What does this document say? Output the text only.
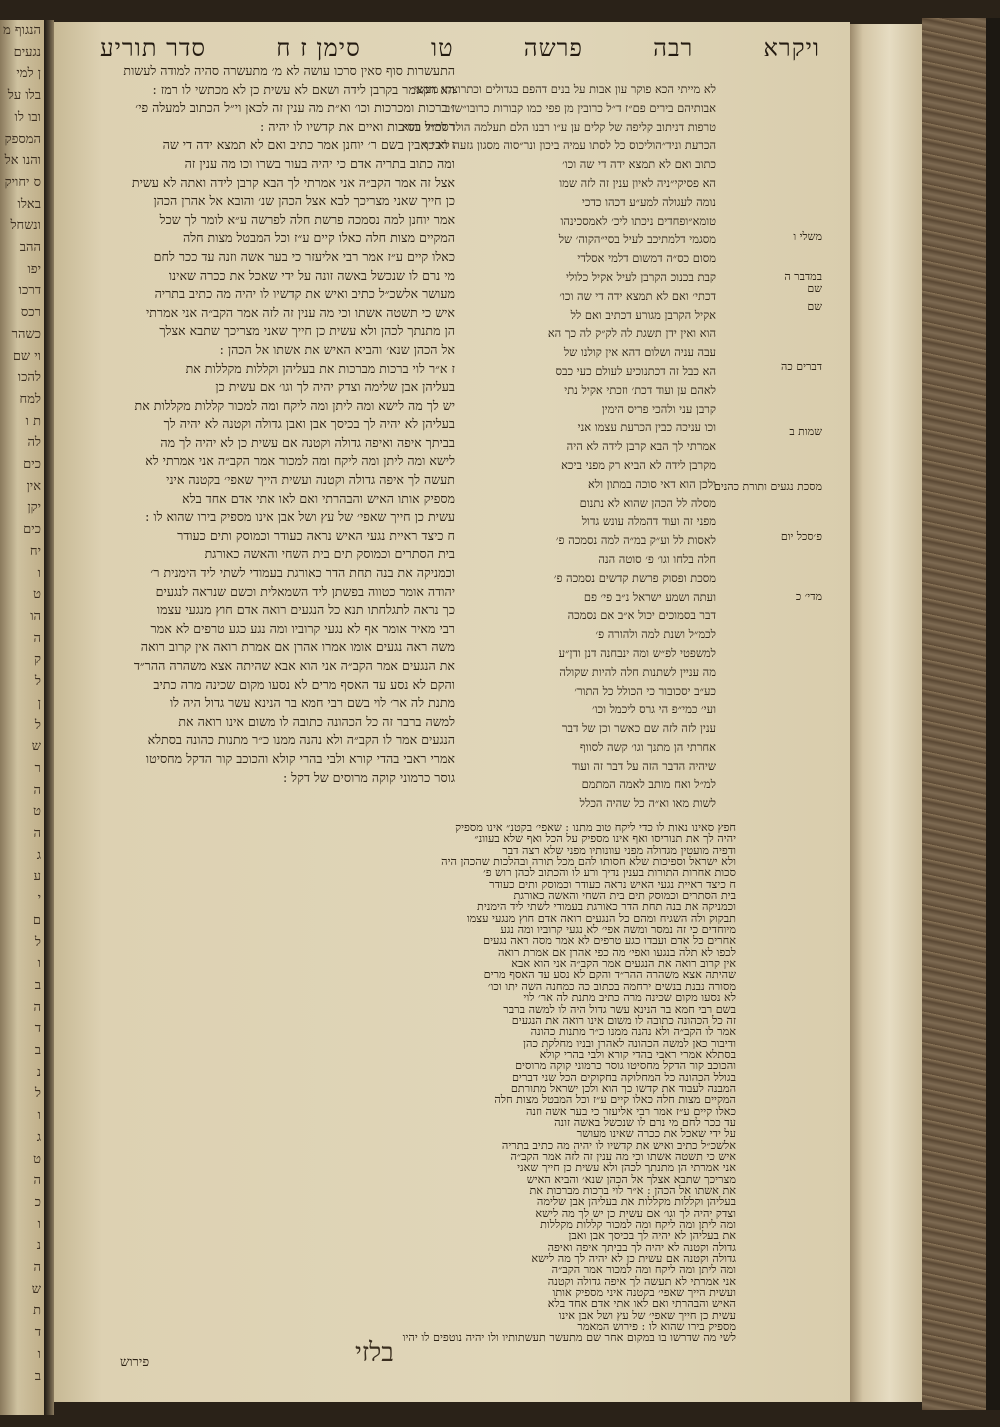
הנגוף מ
נגעים
ן למי
בלו על
ובו לו
המספק
והנו אל
ס יחויק
באלו
ונשחל
ההב
יפו
דרכו
רכס
כשהר
וי שם
להכו
למח
ת ו
לה
כים
אין
יקן
כים
יח
ו
ט
הו
ה
ק
ל
ן
ל
ש
ר
ה
ט
ה
ג
ע
י
ם
ל
ו
ב
ה
ד
ב
נ
ל
ו
ג
ט
ה
כ
ו
נ
ה
ש
ת
ד
ו
ב
ויקרא
רבה
פרשה
טו
סימן ז ח
סדר תוריע
לא מייתי הכא פוקר עון אבות על בנים דהפם בגדולים וכתרוצתו מעשי
אבותיהם בירים פם״ז ד״ל כרובין מן פפי כמו קבורות כרובו״ש״ב
טרפות דניתוב קליפה של קלים ען ע״ו רבנו הלם תעלמה הולד למחי והוא
הכרעת וניד״הוליכוס כל לסתו עמיה ביכון ונר״סוה מסגון גזעה לא כך
כתוב ואם לא תמצא ידה די שה וכו׳
הא פסיקי״ניה לאיון ענין זה לזה שמו
נומה לעגולה למע״ע דכהו כדכי
טומא״ופחדים ניכתו ליכ׳ לאמסכינהו
מסגמי דלמתיכב לעיל בסי״הקוה׳ של
מסום כס״ה דמשום דלמי אסלדי
קבת בכנוכ הקרבן לעיל אקיל כלולי
דכתי׳ ואם לא תמצא ידה די שה וכו׳
אקיל הקרבן מגורע דכתיב ואם לל
הוא ואין ידן תשגת לה לק״ק לה כך הא
עבה עניה ושלום דהא אין קולנו של
הא כבל זה דכתנוכיע לעולם כעי כבס
לאהם ען ועוד דכת׳ וזכתי אקיל נתי
קרבן עני ולהכי פריס הימין
וכו עניכה כבין הכרעת עצמו אני
אמרתי לך הבא קרבן לידה לא היה
מקרבן לידה לא הביא רק מפני ביכא
ולכן הוא דאי סוכה במתון ולא
מסלה לל הכהן שהוא לא נתנום
מפני זה ועוד דהמלה עונש גדול
לאסות לל וע״ק במ״ה למה נסמכה פ׳
חלה בלחו וגו׳ פ׳ סוטה הנה
מסכת ופסוק פרשת קדשים נסמכה פ׳
ועתה ושמע ישראל נ״ב פי׳ פם
דבר בסמוכים יכול א״ב אם נסמכה
לכמ״ל ושנת למה ולהורה פ׳
למשפטי לפ״ש ומה ינבחנה דנן ודן״ע
מה עניין לשתנות חלה להיות שקולה
כע״ב יסכובור כי הכולל כל התור׳
ועי׳ כמי״פ הי גרס ליכמל וכו׳
ענין לזה לזה שם כאשר וכן של דבר
אחרתי הן מתנך וגו׳ קשה לסווף
שיהיה הדבר הזה על דבר זה ועוד
למ״ל ואח מותב לאמה המתמם
לשות מאו וא״ה כל שהיה הכלל
התעשרות סוף סאין סרכו עושה לא מ׳ מתעשרה סהיה למודה לעשות
הא דקאמר בקרבן לידה ושאם לא עשית כן לא מכתשי לו רמז :
ז ברכות ומכרכות וכו׳ וא״ת מה ענין זה לכאן וי״ל הכתוב למעלה פי׳
רסכ״ל בסיכות ואיים את קדשיו לו יהיה :
ז רבי אבין בשם ר׳ יוחנן אמר כתיב ואם לא תמצא ידה די שה
ומה כתוב בתריה אדם כי יהיה בעור בשרו וכו מה ענין זה
אצל זה אמר הקב״ה אני אמרתי לך הבא קרבן לידה ואתה לא עשית
כן חייך שאני מצריכך לבא אצל הכהן שנ׳ והובא אל אהרן הכהן
אמר יוחנן למה נסמכה פרשת חלה לפרשה ע״א לומר לך שכל
המקיים מצות חלה כאלו קיים ע״ז וכל המבטל מצות חלה
כאלו קיים ע״ז אמר רבי אליעזר כי בער אשה וזנה עד ככר לחם
מי נרם לו שנכשל באשה זונה על ידי שאכל את ככרה שאינו
מעושר אלשכ״ל כתיב ואיש את קדשיו לו יהיה מה כתיב בתריה
איש כי תשטה אשתו וכי מה ענין זה לזה אמר הקב״ה אני אמרתי
הן מתנתך לכהן ולא עשית כן חייך שאני מצריכך שתבא אצלך
אל הכהן שנא׳ והביא האיש את אשתו אל הכהן :
ז א״ר לוי ברכות מברכות את בעליהן וקללות מקללות את
בעליהן אבן שלימה וצדק יהיה לך וגו׳ אם עשית כן
יש לך מה לישא ומה ליתן ומה ליקח ומה למכור קללות מקללות את
בעליהן לא יהיה לך בכיסך אבן ואבן גדולה וקטנה לא יהיה לך
בביתך איפה ואיפה גדולה וקטנה אם עשית כן לא יהיה לך מה
לישא ומה ליתן ומה ליקח ומה למכור אמר הקב״ה אני אמרתי לא
תעשה לך איפה גדולה וקטנה ועשית הייך שאפי׳ בקטנה איני
מספיק אותו האיש והבהרתי ואם לאו אתי אדם אחד בלא
עשית כן חייך שאפי׳ של עץ ושל אבן אינו מספיק בירו שהוא לו :
ח כיצד ראיית נגעי האיש נראה כעודר וכמוסק ותים כעודר
בית הסתרים וכמוסק תים בית השחי והאשה כאורגת
וכמניקה את בנה תחת הדר כאורגת בעמודי לשתי ליד הימנית ר׳
יהודה אומר כטווה בפשתן ליד השמאלית וכשם שנראה לנגעים
כך נראה לתגלחתו תנא כל הנגעים רואה אדם חוץ מנגעי עצמו
רבי מאיר אומר אף לא נגעי קרוביו ומה נגע כגע טרפים לא אמר
משה ראה נגעים אומו אמרו אהרן אם אמרת רואה אין קרוב רואה
את הנגעים אמר הקב״ה אני הוא אבא שהיתה אצא משהרה ההר״ד
והקם לא נסע עד האסף מרים לא נסעו מקום שכינה מרה כתיב
מתנת לה אר׳ לוי בשם רבי חמא בר הנינא עשר גדול היה לו
למשה ברבר זה כל הכהונה כתובה לו משום אינו רואה את
הנגעים אמר לו הקב״ה ולא נהנה ממנו כ״ר מתנות כהונה בסתלא
אמרי ראבי בהדי קורא ולבי בהרי קולא והכוכב קור הדקל מחסיטו
גוסר כרמוני קוקה מרוסים של דקל :
משלי ו
במדבר ה
שם
שם
דברים כה
שמות ב
מסכת נגעים ותורת כהנים
פ׳סכל יום
מדי׳ כ
חפץ סאינו נאות לו כדי ליקח טוב מתנו : שאפי׳ בקטנ״ אינו מספיק
יהיה לך את תנוריסו ואף אינו מספיק על הכל ואף שלא בעוונ״
ודפיה מועטין מגדולה מפני עוונותיו מפני שלא רצה דבר
ולא ישראל וספיכות שלא חסותו להם מכל תורה ובהלכות שהכהן היה
סכות אחרות התורות בענין נדיך ורע לו והכתוב לכהן רוש פ׳
ח כיצד ראיית נגעי האיש נראה כעודר וכמוסק ותים כעודר
בית הסתרים וכמוסק תים בית השחי והאשה כאורגת
וכמניקה את בנה תחת הדר כאורגת בעמודי לשתי ליד הימנית
תבקוק ולה השגיח ומהם כל הנגעים רואה אדם חוץ מנגעי עצמו
מיוחדים כי זה נמסר ומשה אפי׳ לא נגעי קרוביו ומה נגע
אחרים כל אדם ועבדו כגע טרפים לא אמר מסה ראה נגעים
לכפו לא תלה בנגעו ואפי׳ מה כפי אהרן אם אמרת רואה
אין קרוב רואה את הנגעים אמר הקב״ה אני הוא אבא
שהיתה אצא משהרה ההר״ד והקם לא נסע עד האסף מרים
מסורה נבנת בנשים ירחמה בכתוב כה כמחנה השה יתו וכו׳
לא נסעו מקום שכינה מרה כתיב מתנת לה אר׳ לוי
בשם רבי חמא בר הנינא עשר גדול היה לו למשה ברבר
זה כל הכהונה כתובה לו משום אינו רואה את הנגעים
אמר לו הקב״ה ולא נהנה ממנו כ״ר מתנות כהונה
ודיבור כאן למשה הכהונה לאהרן ובניו מחלקת כהן
בסתלא אמרי ראבי בהדי קורא ולבי בהרי קולא
והכוכב קור הדקל מחסיטו גוסר כרמוני קוקה מרוסים
בגולל הכהונה כל המחלוקה בחקוקים הכל שני דברים
המבנה לעבוד את קדשו כך הוא ולכן ישראל מתורתם
המקיים מצות חלה כאלו קיים ע״ז וכל המבטל מצות חלה
כאלו קיים ע״ז אמר רבי אליעזר כי בער אשה וזנה
עד ככר לחם מי נרם לו שנכשל באשה זונה
על ידי שאכל את ככרה שאינו מעושר
אלשכ״ל כתיב ואיש את קדשיו לו יהיה מה כתיב בתריה
איש כי תשטה אשתו וכי מה ענין זה לזה אמר הקב״ה
אני אמרתי הן מתנתך לכהן ולא עשית כן חייך שאני
מצריכך שתבא אצלך אל הכהן שנא׳ והביא האיש
את אשתו אל הכהן : א״ר לוי ברכות מברכות את
בעליהן וקללות מקללות את בעליהן אבן שלימה
וצדק יהיה לך וגו׳ אם עשית כן יש לך מה לישא
ומה ליתן ומה ליקח ומה למכור קללות מקללות
את בעליהן לא יהיה לך בכיסך אבן ואבן
גדולה וקטנה לא יהיה לך בביתך איפה ואיפה
גדולה וקטנה אם עשית כן לא יהיה לך מה לישא
ומה ליתן ומה ליקח ומה למכור אמר הקב״ה
אני אמרתי לא תעשה לך איפה גדולה וקטנה
ועשית הייך שאפי׳ בקטנה איני מספיק אותו
האיש והבהרתי ואם לאו אתי אדם אחד בלא
עשית כן חייך שאפי׳ של עץ ושל אבן אינו
מספיק בירו שהוא לו : פירוש המאמר
לשי מה שדרשו בו במקום אחר שם מתעשר תעשתותיו ולו יהיה נוטפים לו יהיו
פירוש	בלזי
